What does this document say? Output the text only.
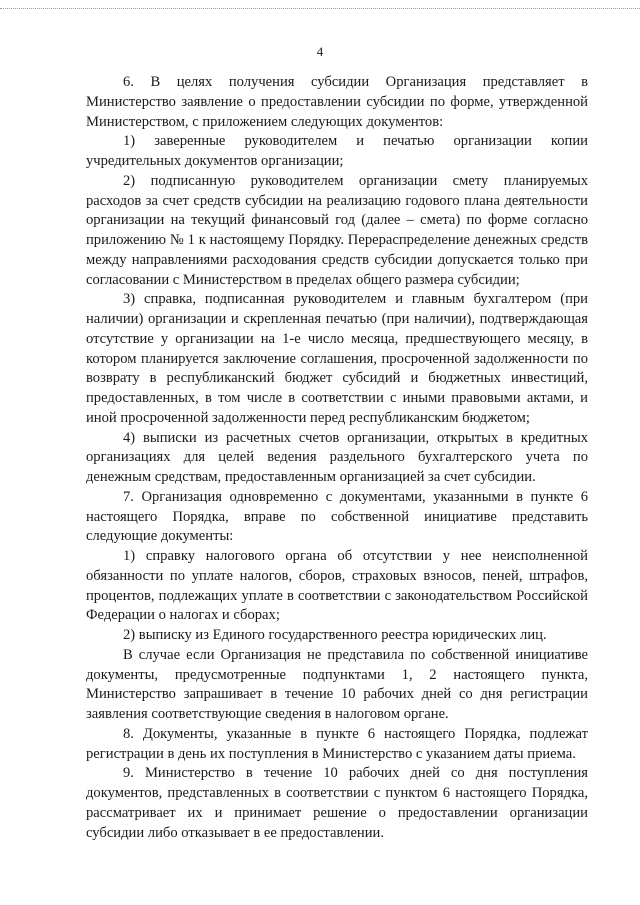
4

6. В целях получения субсидии Организация представляет в Министерство заявление о предоставлении субсидии по форме, утвержденной Министерством, с приложением следующих документов:

1) заверенные руководителем и печатью организации копии учредительных документов организации;

2) подписанную руководителем организации смету планируемых расходов за счет средств субсидии на реализацию годового плана деятельности организации на текущий финансовый год (далее – смета) по форме согласно приложению № 1 к настоящему Порядку. Перераспределение денежных средств между направлениями расходования средств субсидии допускается только при согласовании с Министерством в пределах общего размера субсидии;

3) справка, подписанная руководителем и главным бухгалтером (при наличии) организации и скрепленная печатью (при наличии), подтверждающая отсутствие у организации на 1-е число месяца, предшествующего месяцу, в котором планируется заключение соглашения, просроченной задолженности по возврату в республиканский бюджет субсидий и бюджетных инвестиций, предоставленных, в том числе в соответствии с иными правовыми актами, и иной просроченной задолженности перед республиканским бюджетом;

4) выписки из расчетных счетов организации, открытых в кредитных организациях для целей ведения раздельного бухгалтерского учета по денежным средствам, предоставленным организацией за счет субсидии.

7. Организация одновременно с документами, указанными в пункте 6 настоящего Порядка, вправе по собственной инициативе представить следующие документы:

1) справку налогового органа об отсутствии у нее неисполненной обязанности по уплате налогов, сборов, страховых взносов, пеней, штрафов, процентов, подлежащих уплате в соответствии с законодательством Российской Федерации о налогах и сборах;

2) выписку из Единого государственного реестра юридических лиц.

В случае если Организация не представила по собственной инициативе документы, предусмотренные подпунктами 1, 2 настоящего пункта, Министерство запрашивает в течение 10 рабочих дней со дня регистрации заявления соответствующие сведения в налоговом органе.

8. Документы, указанные в пункте 6 настоящего Порядка, подлежат регистрации в день их поступления в Министерство с указанием даты приема.

9. Министерство в течение 10 рабочих дней со дня поступления документов, представленных в соответствии с пунктом 6 настоящего Порядка, рассматривает их и принимает решение о предоставлении организации субсидии либо отказывает в ее предоставлении.
